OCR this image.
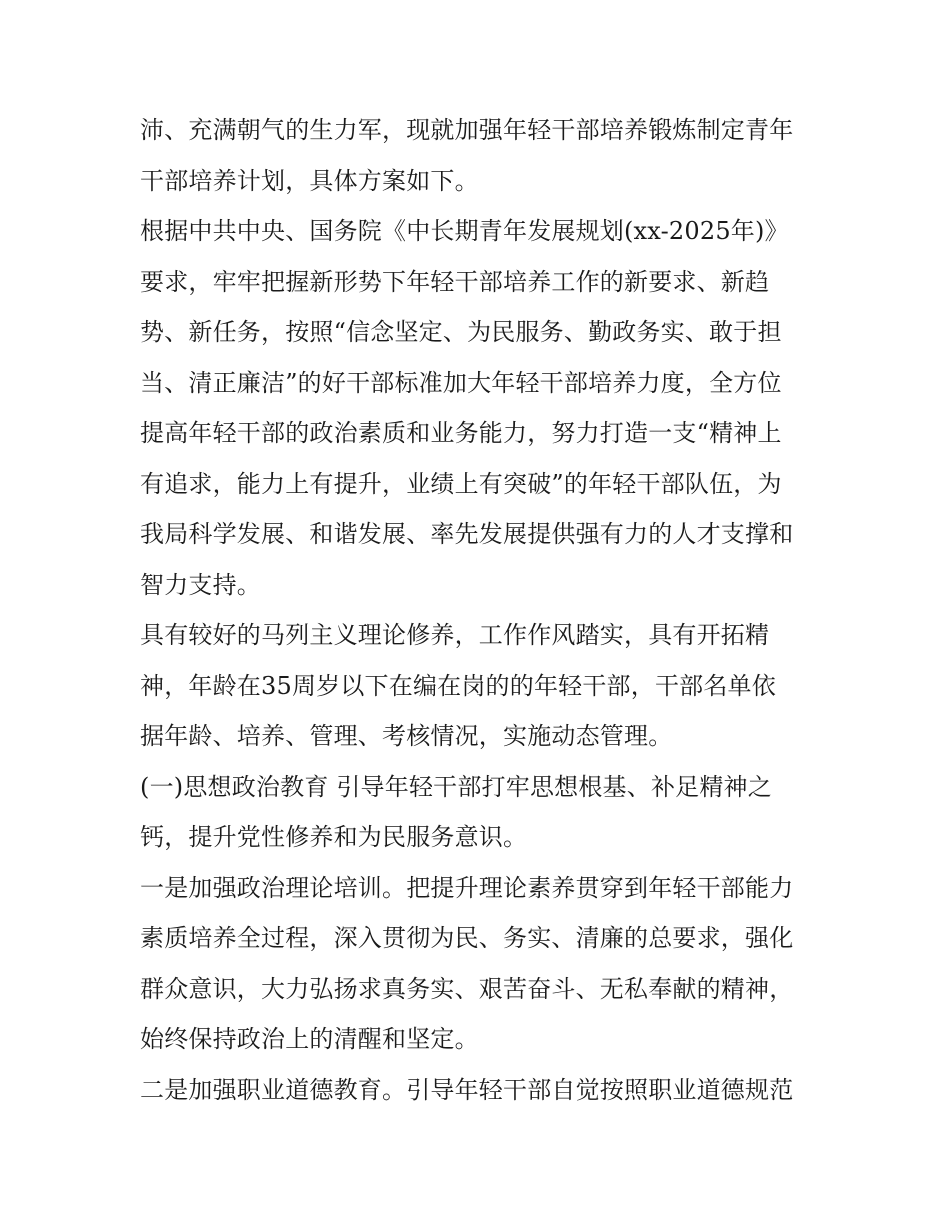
沛、充满朝气的生力军，现就加强年轻干部培养锻炼制定青年
干部培养计划，具体方案如下。
根据中共中央、国务院《中长期青年发展规划(xx-2025年)》
要求，牢牢把握新形势下年轻干部培养工作的新要求、新趋
势、新任务，按照“信念坚定、为民服务、勤政务实、敢于担
当、清正廉洁”的好干部标准加大年轻干部培养力度，全方位
提高年轻干部的政治素质和业务能力，努力打造一支“精神上
有追求，能力上有提升，业绩上有突破”的年轻干部队伍，为
我局科学发展、和谐发展、率先发展提供强有力的人才支撑和
智力支持。
具有较好的马列主义理论修养，工作作风踏实，具有开拓精
神，年龄在35周岁以下在编在岗的的年轻干部，干部名单依
据年龄、培养、管理、考核情况，实施动态管理。
(一)思想政治教育 引导年轻干部打牢思想根基、补足精神之
钙，提升党性修养和为民服务意识。
一是加强政治理论培训。把提升理论素养贯穿到年轻干部能力
素质培养全过程，深入贯彻为民、务实、清廉的总要求，强化
群众意识，大力弘扬求真务实、艰苦奋斗、无私奉献的精神，
始终保持政治上的清醒和坚定。
二是加强职业道德教育。引导年轻干部自觉按照职业道德规范
